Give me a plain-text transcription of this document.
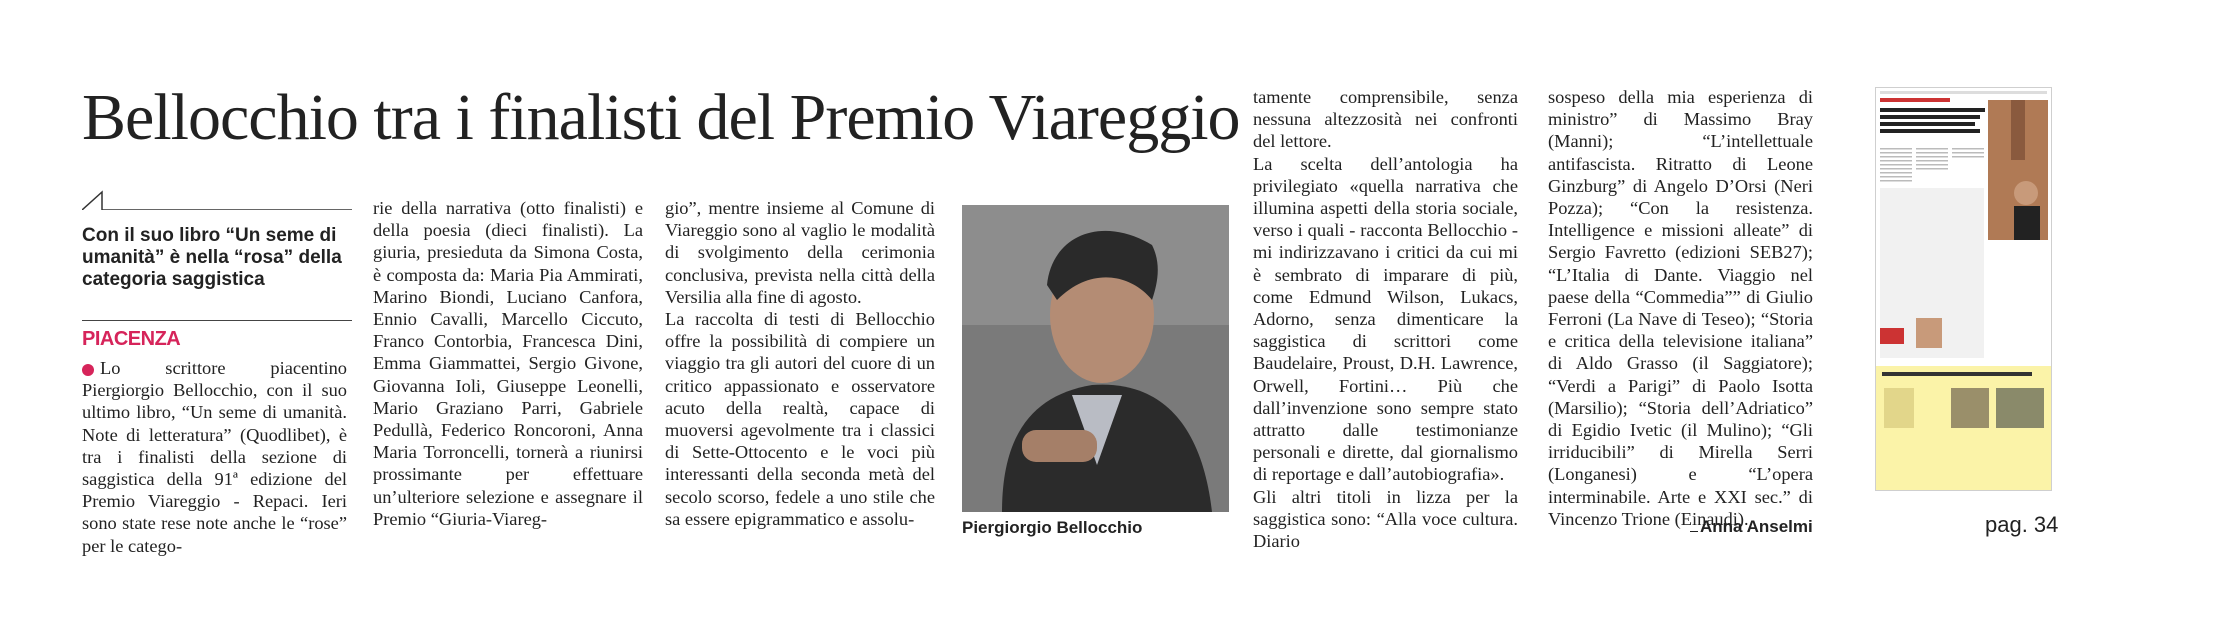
Bellocchio tra i finalisti del Premio Viareggio
Con il suo libro “Un seme di umanità” è nella “rosa” della categoria saggistica
PIACENZA

Lo scrittore piacentino Piergiorgio Bellocchio, con il suo ultimo libro, “Un seme di umanità. Note di letteratura” (Quodlibet), è tra i finalisti della sezione di saggistica della 91ª edizione del Premio Viareggio - Repaci. Ieri sono state rese note anche le “rose” per le catego-

rie della narrativa (otto finalisti) e della poesia (dieci finalisti). La giuria, presieduta da Simona Costa, è composta da: Maria Pia Ammirati, Marino Biondi, Luciano Canfora, Ennio Cavalli, Marcello Ciccuto, Franco Contorbia, Francesca Dini, Emma Giammattei, Sergio Givone, Giovanna Ioli, Giuseppe Leonelli, Mario Graziano Parri, Gabriele Pedullà, Federico Roncoroni, Anna Maria Torroncelli, tornerà a riunirsi prossimante per effettuare un’ulteriore selezione e assegnare il Premio “Giuria-Viareg-

gio”, mentre insieme al Comune di Viareggio sono al vaglio le modalità di svolgimento della cerimonia conclusiva, prevista nella città della Versilia alla fine di agosto.

La raccolta di testi di Bellocchio offre la possibilità di compiere un viaggio tra gli autori del cuore di un critico appassionato e osservatore acuto della realtà, capace di muoversi agevolmente tra i classici di Sette-Ottocento e le voci più interessanti della seconda metà del secolo scorso, fedele a uno stile che sa essere epigrammatico e assolu-	Piergiorgio Bellocchio

tamente comprensibile, senza nessuna altezzosità nei confronti del lettore.

La scelta dell’antologia ha privilegiato «quella narrativa che illumina aspetti della storia sociale, verso i quali - racconta Bellocchio - mi indirizzavano i critici da cui mi è sembrato di imparare di più, come Edmund Wilson, Lukacs, Adorno, senza dimenticare la saggistica di scrittori come Baudelaire, Proust, D.H. Lawrence, Orwell, Fortini… Più che dall’invenzione sono sempre stato attratto dalle testimonianze personali e dirette, dal giornalismo di reportage e dall’autobiografia».

Gli altri titoli in lizza per la saggistica sono: “Alla voce cultura. Diario

sospeso della mia esperienza di ministro” di Massimo Bray (Manni); “L’intellettuale antifascista. Ritratto di Leone Ginzburg” di Angelo D’Orsi (Neri Pozza); “Con la resistenza. Intelligence e missioni alleate” di Sergio Favretto (edizioni SEB27); “L’Italia di Dante. Viaggio nel paese della “Commedia”” di Giulio Ferroni (La Nave di Teseo); “Storia e critica della televisione italiana” di Aldo Grasso (il Saggiatore); “Verdi a Parigi” di Paolo Isotta (Marsilio); “Storia dell’Adriatico” di Egidio Ivetic (il Mulino); “Gli irriducibili” di Mirella Serri (Longanesi) e “L’opera interminabile. Arte e XXI sec.” di Vincenzo Trione (Einaudi).

Anna Anselmi	pag. 34
